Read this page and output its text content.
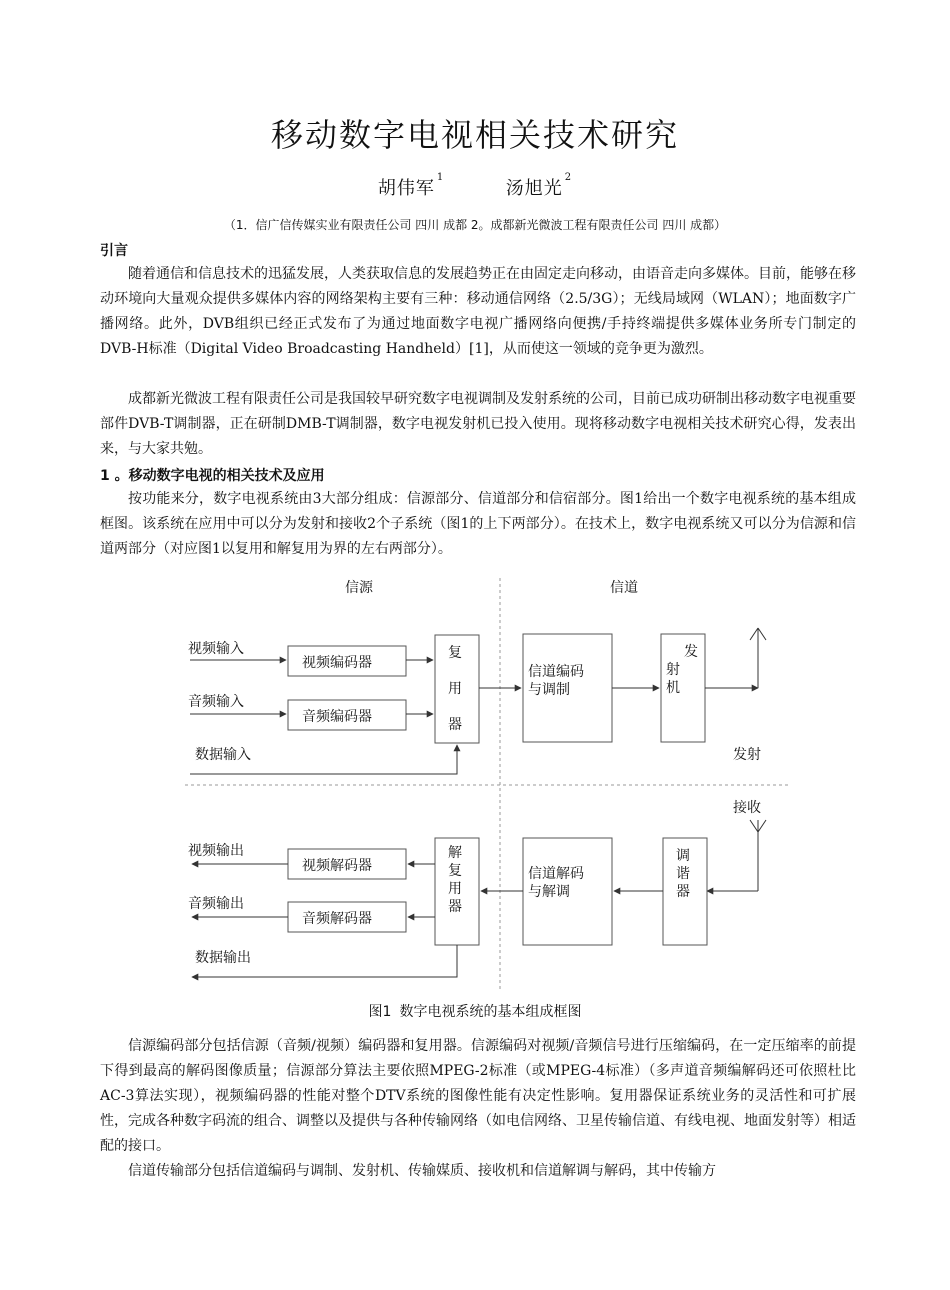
移动数字电视相关技术研究
胡伟军$^1$  汤旭光$^2$
（1．信广信传媒实业有限责任公司 四川 成都 2。成都新光微波工程有限责任公司 四川 成都）
引言

随着通信和信息技术的迅猛发展，人类获取信息的发展趋势正在由固定走向移动，由语音走向多媒体。目前，能够在移动环境向大量观众提供多媒体内容的网络架构主要有三种：移动通信网络（2.5/3G）；无线局域网（WLAN）；地面数字广播网络。此外，DVB组织已经正式发布了为通过地面数字电视广播网络向便携/手持终端提供多媒体业务所专门制定的DVB-H标准（Digital Video Broadcasting Handheld）[1]，从而使这一领域的竞争更为激烈。

成都新光微波工程有限责任公司是我国较早研究数字电视调制及发射系统的公司，目前已成功研制出移动数字电视重要部件DVB-T调制器，正在研制DMB-T调制器，数字电视发射机已投入使用。现将移动数字电视相关技术研究心得，发表出来，与大家共勉。

1 。移动数字电视的相关技术及应用

按功能来分，数字电视系统由3大部分组成：信源部分、信道部分和信宿部分。图1给出一个数字电视系统的基本组成框图。该系统在应用中可以分为发射和接收2个子系统（图1的上下两部分）。在技术上，数字电视系统又可以分为信源和信道两部分（对应图1以复用和解复用为界的左右两部分）。

信源	信道
视频输入
音频输入
数据输入
视频编码器
音频编码器
复
用
器
信道编码
与调制
发
射
机
发射
接收
调
谐
器
信道解码
与解调
解
复
用
器
视频解码器
音频解码器
视频输出
音频输出
数据输出
图1 数字电视系统的基本组成框图

信源编码部分包括信源（音频/视频）编码器和复用器。信源编码对视频/音频信号进行压缩编码，在一定压缩率的前提下得到最高的解码图像质量；信源部分算法主要依照MPEG-2标准（或MPEG-4标准）（多声道音频编解码还可依照杜比AC-3算法实现），视频编码器的性能对整个DTV系统的图像性能有决定性影响。复用器保证系统业务的灵活性和可扩展性，完成各种数字码流的组合、调整以及提供与各种传输网络（如电信网络、卫星传输信道、有线电视、地面发射等）相适配的接口。

信道传输部分包括信道编码与调制、发射机、传输媒质、接收机和信道解调与解码，其中传输方
